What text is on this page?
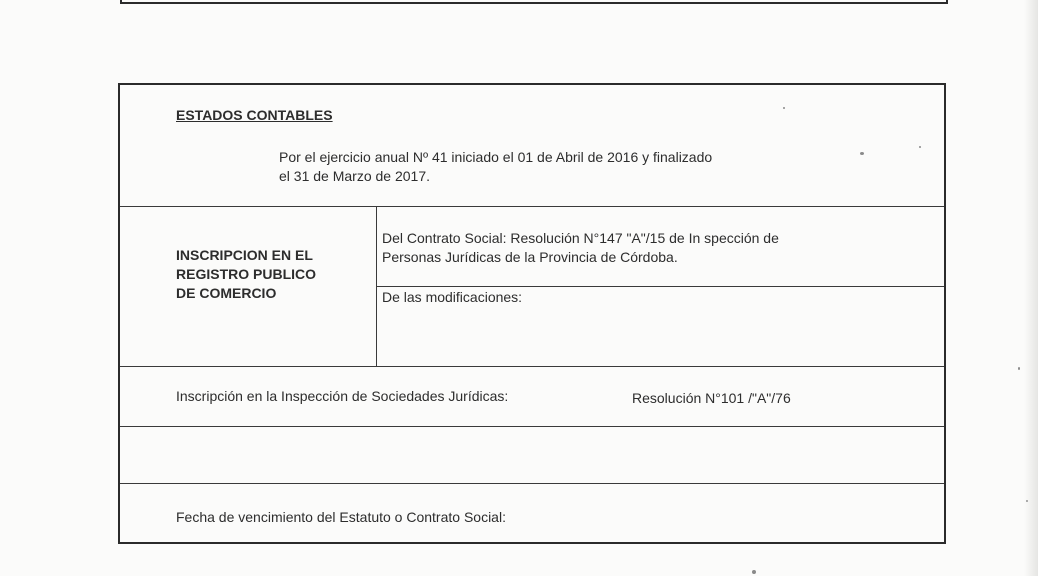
ESTADOS CONTABLES
Por el ejercicio anual Nº 41 iniciado el 01 de Abril de 2016 y finalizado
el 31 de Marzo de 2017.
INSCRIPCION EN EL
REGISTRO PUBLICO
DE COMERCIO
Del Contrato Social: Resolución N°147 "A"/15 de In spección de
Personas Jurídicas de la Provincia de Córdoba.
De las modificaciones:
Inscripción en la Inspección de Sociedades Jurídicas:	Resolución N°101 /"A"/76
Fecha de vencimiento del Estatuto o Contrato Social:
